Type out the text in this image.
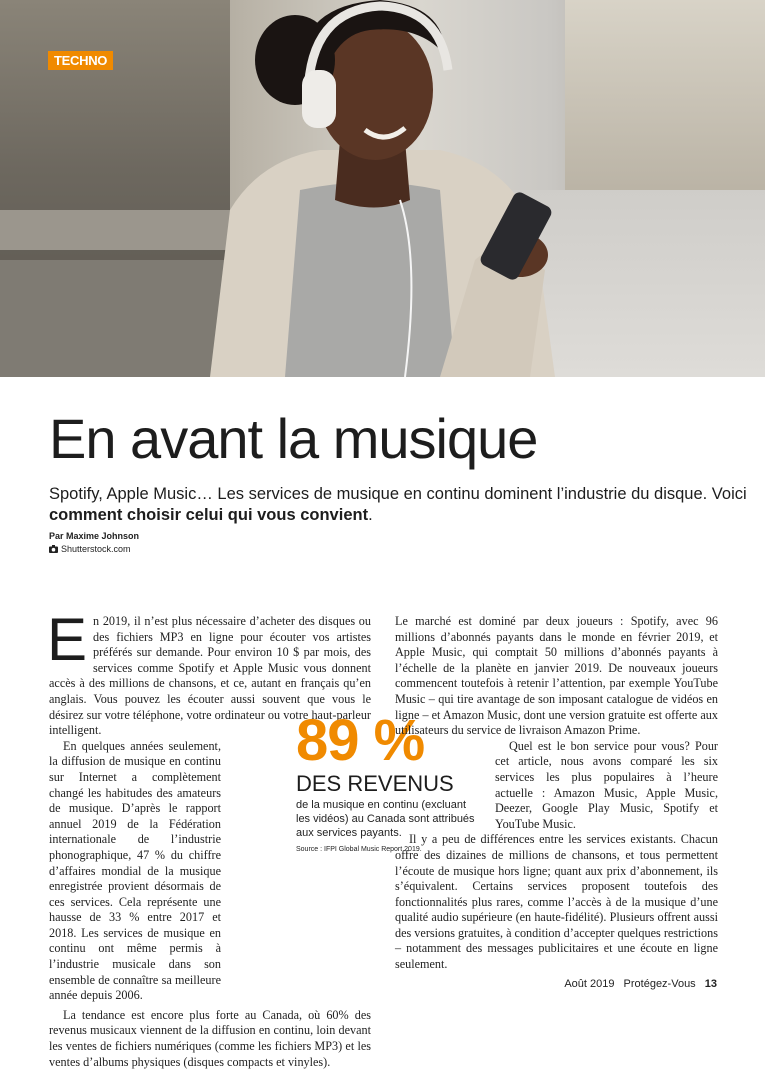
TECHNO
En avant la musique
Spotify, Apple Music… Les services de musique en continu dominent l’industrie du disque. Voici comment choisir celui qui vous convient.
Par Maxime Johnson
Shutterstock.com

En 2019, il n’est plus nécessaire d’acheter des disques ou des fichiers MP3 en ligne pour écouter vos artistes préférés sur demande. Pour environ 10 $ par mois, des services comme Spotify et Apple Music vous donnent accès à des millions de chansons, et ce, autant en français qu’en anglais. Vous pouvez les écouter aussi souvent que vous le désirez sur votre téléphone, votre ordinateur ou votre haut-parleur intelligent.

En quelques années seulement, la diffusion de musique en continu sur Internet a complètement changé les habitudes des amateurs de musique. D’après le rapport annuel 2019 de la Fédération internationale de l’industrie phonographique, 47 % du chiffre d’affaires mondial de la musique enregistrée provient désormais de ces services. Cela représente une hausse de 33 % entre 2017 et 2018. Les services de musique en continu ont même permis à l’industrie musicale dans son ensemble de connaître sa meilleure année depuis 2006.

La tendance est encore plus forte au Canada, où 60% des revenus musicaux viennent de la diffusion en continu, loin devant les ventes de fichiers numériques (comme les fichiers MP3) et les ventes d’albums physiques (disques compacts et vinyles).

89 %
DES REVENUS
de la musique en continu (excluant les vidéos) au Canada sont attribués aux services payants.
Source : IFPI Global Music Report 2019.

Le marché est dominé par deux joueurs : Spotify, avec 96 millions d’abonnés payants dans le monde en février 2019, et Apple Music, qui comptait 50 millions d’abonnés payants à l’échelle de la planète en janvier 2019. De nouveaux joueurs commencent toutefois à retenir l’attention, par exemple YouTube Music – qui tire avantage de son imposant catalogue de vidéos en ligne – et Amazon Music, dont une version gratuite est offerte aux utilisateurs du service de livraison Amazon Prime.

Quel est le bon service pour vous? Pour cet article, nous avons comparé les six services les plus populaires à l’heure actuelle : Amazon Music, Apple Music, Deezer, Google Play Music, Spotify et YouTube Music.

Il y a peu de différences entre les services existants. Chacun offre des dizaines de millions de chansons, et tous permettent l’écoute de musique hors ligne; quant aux prix d’abonnement, ils s’équivalent. Certains services proposent toutefois des fonctionnalités plus rares, comme l’accès à de la musique d’une qualité audio supérieure (en haute-fidélité). Plusieurs offrent aussi des versions gratuites, à condition d’accepter quelques restrictions – notamment des messages publicitaires et une écoute en ligne seulement.

Août 2019 Protégez-Vous 13
